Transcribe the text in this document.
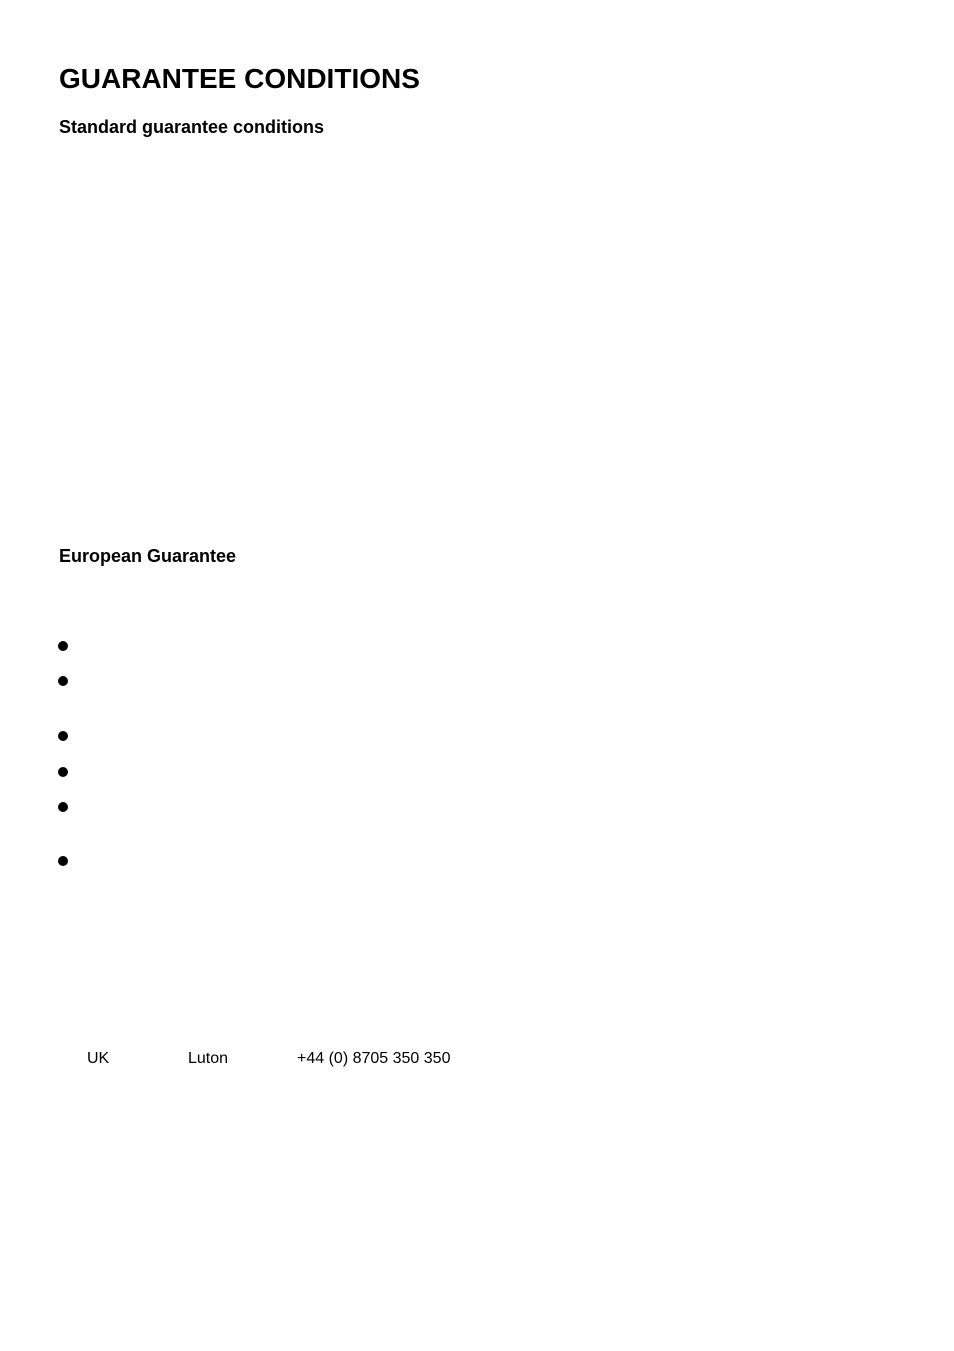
GUARANTEE CONDITIONS
Standard guarantee conditions
European Guarantee
UK	Luton	+44 (0) 8705 350 350
